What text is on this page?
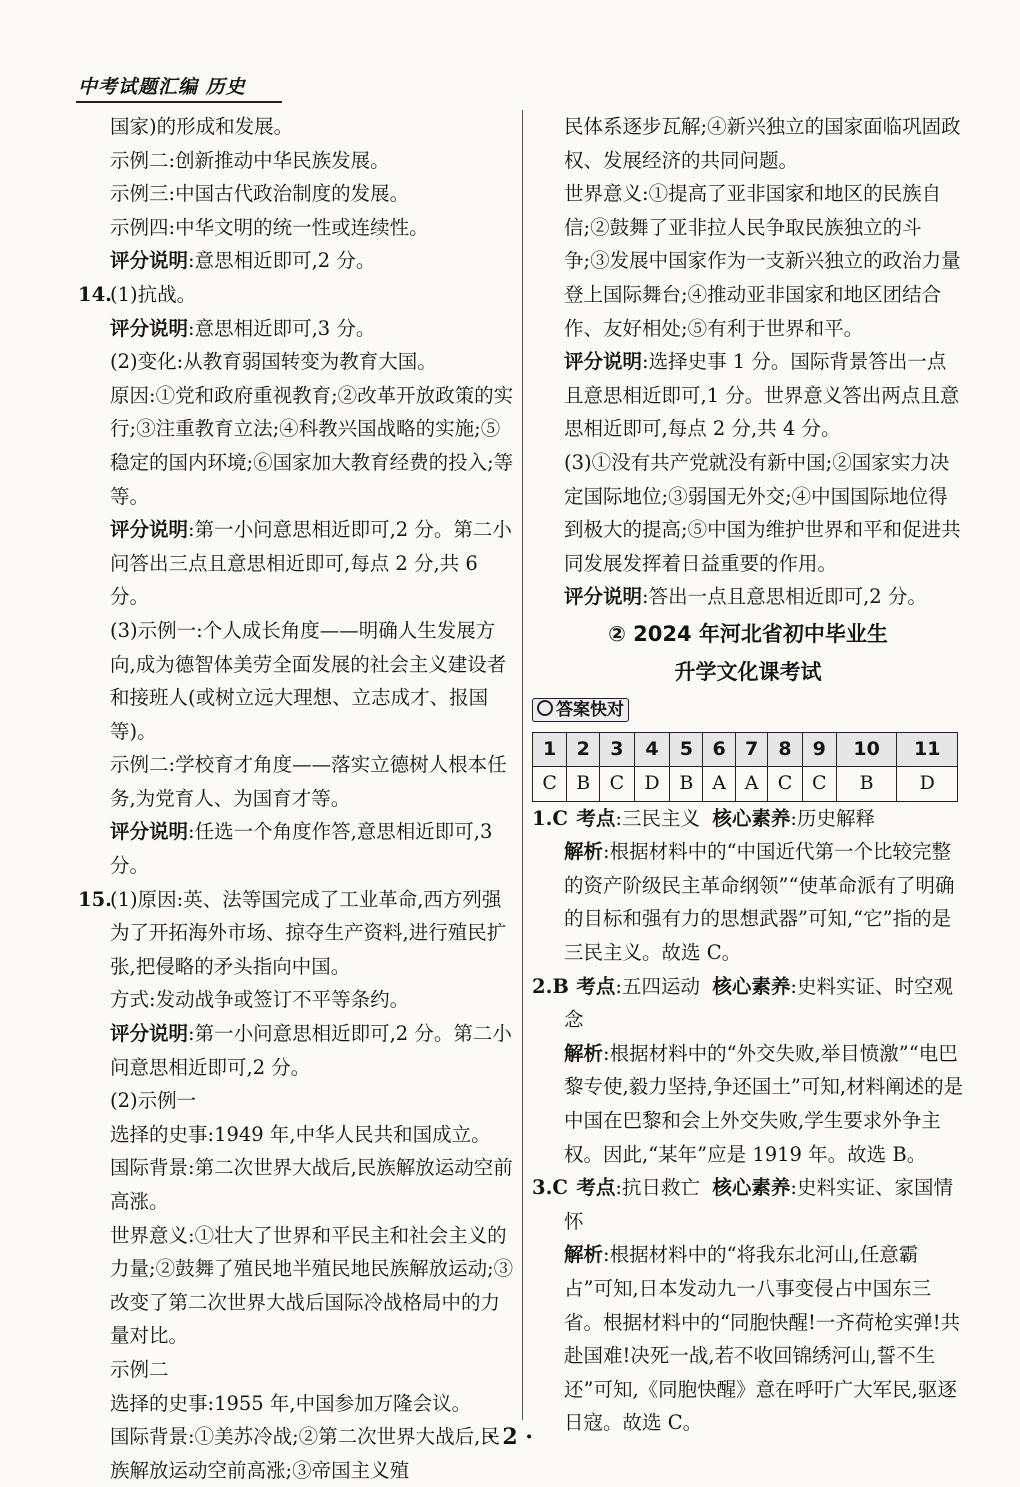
中考试题汇编 历史

国家)的形成和发展。

示例二:创新推动中华民族发展。

示例三:中国古代政治制度的发展。

示例四:中华文明的统一性或连续性。

评分说明:意思相近即可,2 分。

14.(1)抗战。

评分说明:意思相近即可,3 分。

(2)变化:从教育弱国转变为教育大国。

原因:①党和政府重视教育;②改革开放政策的实行;③注重教育立法;④科教兴国战略的实施;⑤稳定的国内环境;⑥国家加大教育经费的投入;等等。

评分说明:第一小问意思相近即可,2 分。第二小问答出三点且意思相近即可,每点 2 分,共 6 分。

(3)示例一:个人成长角度——明确人生发展方向,成为德智体美劳全面发展的社会主义建设者和接班人(或树立远大理想、立志成才、报国等)。

示例二:学校育才角度——落实立德树人根本任务,为党育人、为国育才等。

评分说明:任选一个角度作答,意思相近即可,3 分。

15.(1)原因:英、法等国完成了工业革命,西方列强为了开拓海外市场、掠夺生产资料,进行殖民扩张,把侵略的矛头指向中国。

方式:发动战争或签订不平等条约。

评分说明:第一小问意思相近即可,2 分。第二小问意思相近即可,2 分。

(2)示例一

选择的史事:1949 年,中华人民共和国成立。

国际背景:第二次世界大战后,民族解放运动空前高涨。

世界意义:①壮大了世界和平民主和社会主义的力量;②鼓舞了殖民地半殖民地民族解放运动;③改变了第二次世界大战后国际冷战格局中的力量对比。

示例二

选择的史事:1955 年,中国参加万隆会议。

国际背景:①美苏冷战;②第二次世界大战后,民族解放运动空前高涨;③帝国主义殖

民体系逐步瓦解;④新兴独立的国家面临巩固政权、发展经济的共同问题。

世界意义:①提高了亚非国家和地区的民族自信;②鼓舞了亚非拉人民争取民族独立的斗争;③发展中国家作为一支新兴独立的政治力量登上国际舞台;④推动亚非国家和地区团结合作、友好相处;⑤有利于世界和平。

评分说明:选择史事 1 分。国际背景答出一点且意思相近即可,1 分。世界意义答出两点且意思相近即可,每点 2 分,共 4 分。

(3)①没有共产党就没有新中国;②国家实力决定国际地位;③弱国无外交;④中国国际地位得到极大的提高;⑤中国为维护世界和平和促进共同发展发挥着日益重要的作用。

评分说明:答出一点且意思相近即可,2 分。

② 2024 年河北省初中毕业生
升学文化课考试
答案快对
1	2	3	4	5	6	7	8	9	10	11
C	B	C	D	B	A	A	C	C	B	D

1.C 考点:三民主义 核心素养:历史解释

解析:根据材料中的“中国近代第一个比较完整的资产阶级民主革命纲领”“使革命派有了明确的目标和强有力的思想武器”可知,“它”指的是三民主义。故选 C。

2.B 考点:五四运动 核心素养:史料实证、时空观念

解析:根据材料中的“外交失败,举目愤激”“电巴黎专使,毅力坚持,争还国土”可知,材料阐述的是中国在巴黎和会上外交失败,学生要求外争主权。因此,“某年”应是 1919 年。故选 B。

3.C 考点:抗日救亡 核心素养:史料实证、家国情怀

解析:根据材料中的“将我东北河山,任意霸占”可知,日本发动九一八事变侵占中国东三省。根据材料中的“同胞快醒!一齐荷枪实弹!共赴国难!决死一战,若不收回锦绣河山,誓不生还”可知,《同胞快醒》意在呼吁广大军民,驱逐日寇。故选 C。

· 2 ·
